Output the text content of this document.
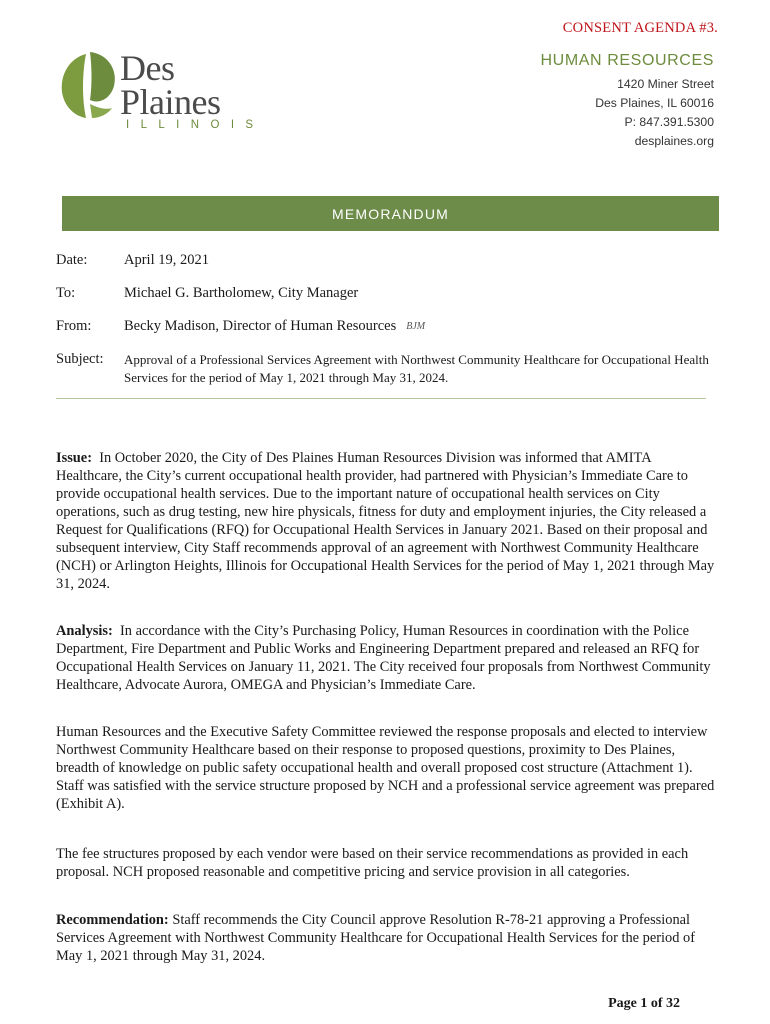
CONSENT AGENDA #3.
Des
Plaines
ILLINOIS
HUMAN RESOURCES
1420 Miner Street
Des Plaines, IL 60016
P: 847.391.5300
desplaines.org
MEMORANDUM
Date:	April 19, 2021
To:	Michael G. Bartholomew, City Manager
From:	Becky Madison, Director of Human Resources BJM
Subject:	Approval of a Professional Services Agreement with Northwest Community Healthcare for Occupational Health Services for the period of May 1, 2021 through May 31, 2024.
Issue: In October 2020, the City of Des Plaines Human Resources Division was informed that AMITA Healthcare, the City’s current occupational health provider, had partnered with Physician’s Immediate Care to provide occupational health services. Due to the important nature of occupational health services on City operations, such as drug testing, new hire physicals, fitness for duty and employment injuries, the City released a Request for Qualifications (RFQ) for Occupational Health Services in January 2021. Based on their proposal and subsequent interview, City Staff recommends approval of an agreement with Northwest Community Healthcare (NCH) or Arlington Heights, Illinois for Occupational Health Services for the period of May 1, 2021 through May 31, 2024.
Analysis: In accordance with the City’s Purchasing Policy, Human Resources in coordination with the Police Department, Fire Department and Public Works and Engineering Department prepared and released an RFQ for Occupational Health Services on January 11, 2021. The City received four proposals from Northwest Community Healthcare, Advocate Aurora, OMEGA and Physician’s Immediate Care.
Human Resources and the Executive Safety Committee reviewed the response proposals and elected to interview Northwest Community Healthcare based on their response to proposed questions, proximity to Des Plaines, breadth of knowledge on public safety occupational health and overall proposed cost structure (Attachment 1). Staff was satisfied with the service structure proposed by NCH and a professional service agreement was prepared (Exhibit A).
The fee structures proposed by each vendor were based on their service recommendations as provided in each proposal. NCH proposed reasonable and competitive pricing and service provision in all categories.
Recommendation: Staff recommends the City Council approve Resolution R-78-21 approving a Professional Services Agreement with Northwest Community Healthcare for Occupational Health Services for the period of May 1, 2021 through May 31, 2024.
Page 1 of 32
